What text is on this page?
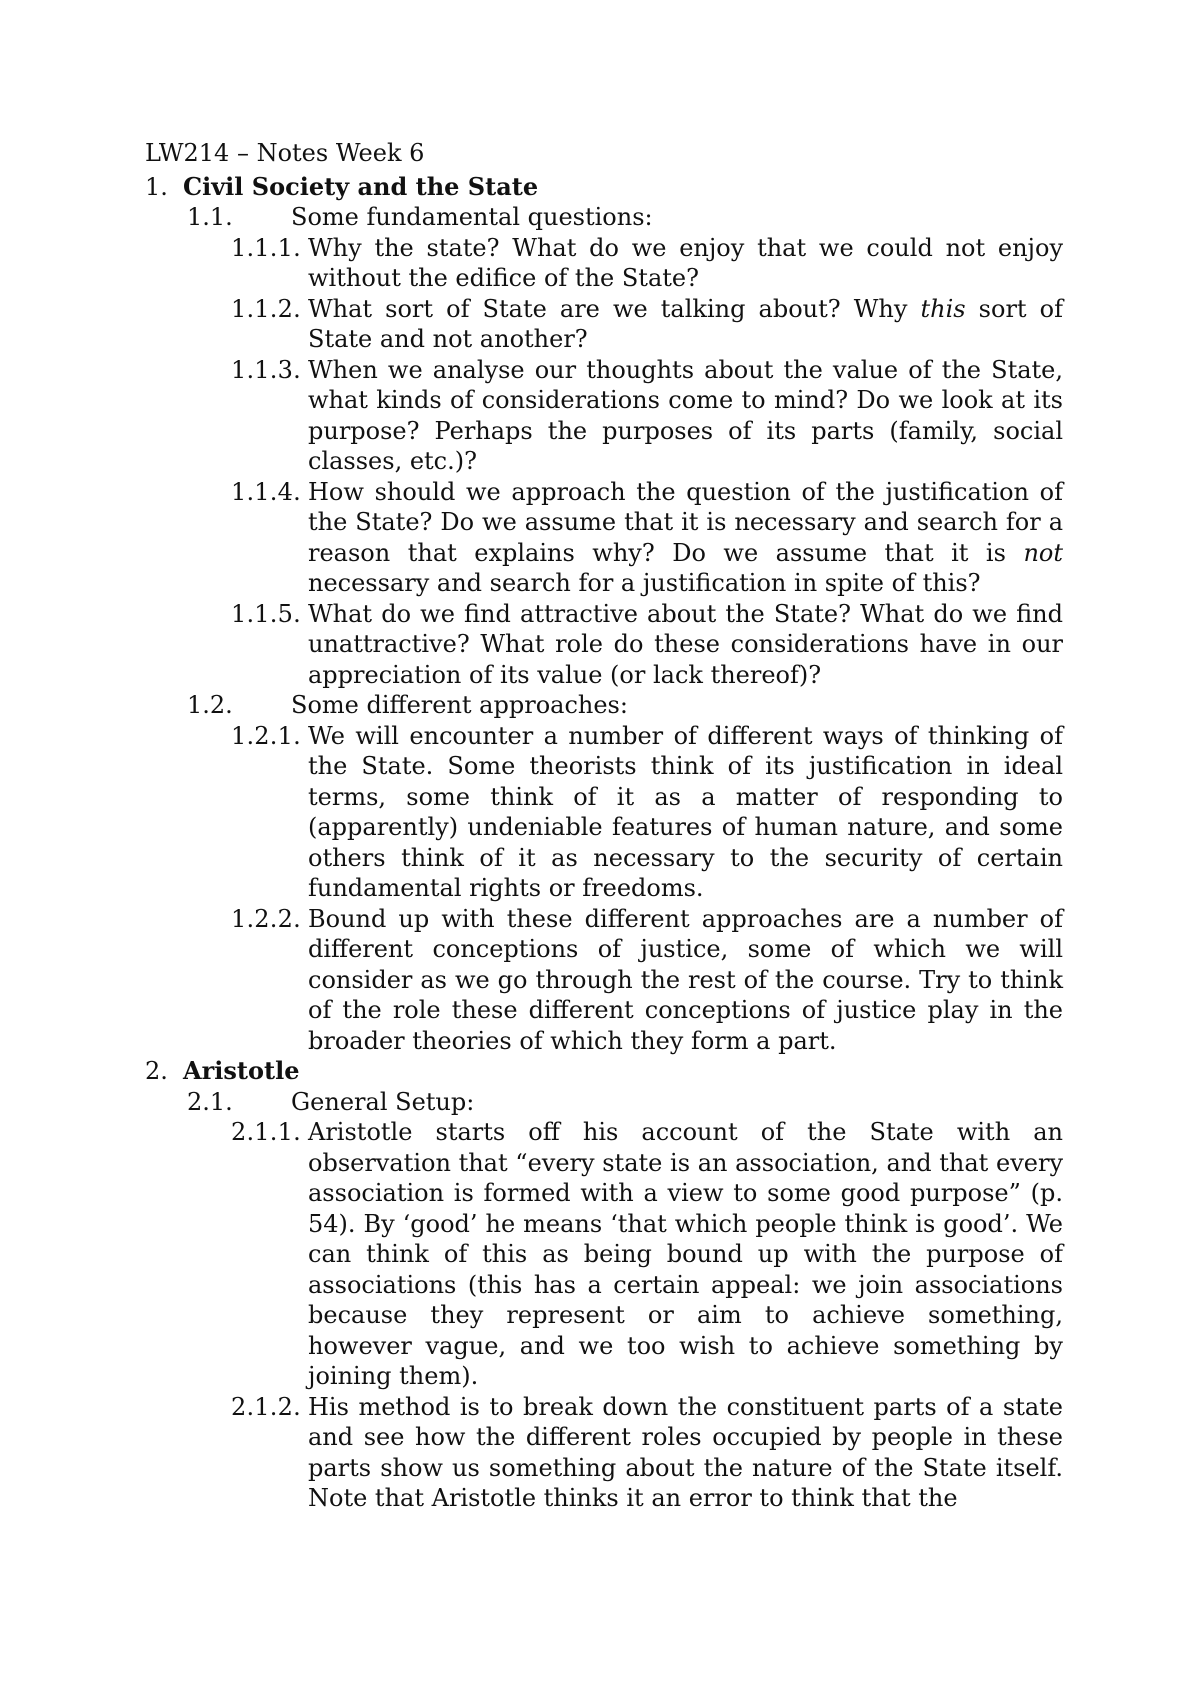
LW214 – Notes Week 6
1. Civil Society and the State
1.1.	Some fundamental questions:
1.1.1. Why the state? What do we enjoy that we could not enjoy without the edifice of the State?
1.1.2. What sort of State are we talking about? Why this sort of State and not another?
1.1.3. When we analyse our thoughts about the value of the State, what kinds of considerations come to mind? Do we look at its purpose? Perhaps the purposes of its parts (family, social classes, etc.)?
1.1.4. How should we approach the question of the justification of the State? Do we assume that it is necessary and search for a reason that explains why? Do we assume that it is not necessary and search for a justification in spite of this?
1.1.5. What do we find attractive about the State? What do we find unattractive? What role do these considerations have in our appreciation of its value (or lack thereof)?
1.2.	Some different approaches:
1.2.1. We will encounter a number of different ways of thinking of the State. Some theorists think of its justification in ideal terms, some think of it as a matter of responding to (apparently) undeniable features of human nature, and some others think of it as necessary to the security of certain fundamental rights or freedoms.
1.2.2. Bound up with these different approaches are a number of different conceptions of justice, some of which we will consider as we go through the rest of the course. Try to think of the role these different conceptions of justice play in the broader theories of which they form a part.
2. Aristotle
2.1.	General Setup:
2.1.1. Aristotle starts off his account of the State with an observation that “every state is an association, and that every association is formed with a view to some good purpose” (p. 54). By ‘good’ he means ‘that which people think is good’. We can think of this as being bound up with the purpose of associations (this has a certain appeal: we join associations because they represent or aim to achieve something, however vague, and we too wish to achieve something by joining them).
2.1.2. His method is to break down the constituent parts of a state and see how the different roles occupied by people in these parts show us something about the nature of the State itself. Note that Aristotle thinks it an error to think that the
